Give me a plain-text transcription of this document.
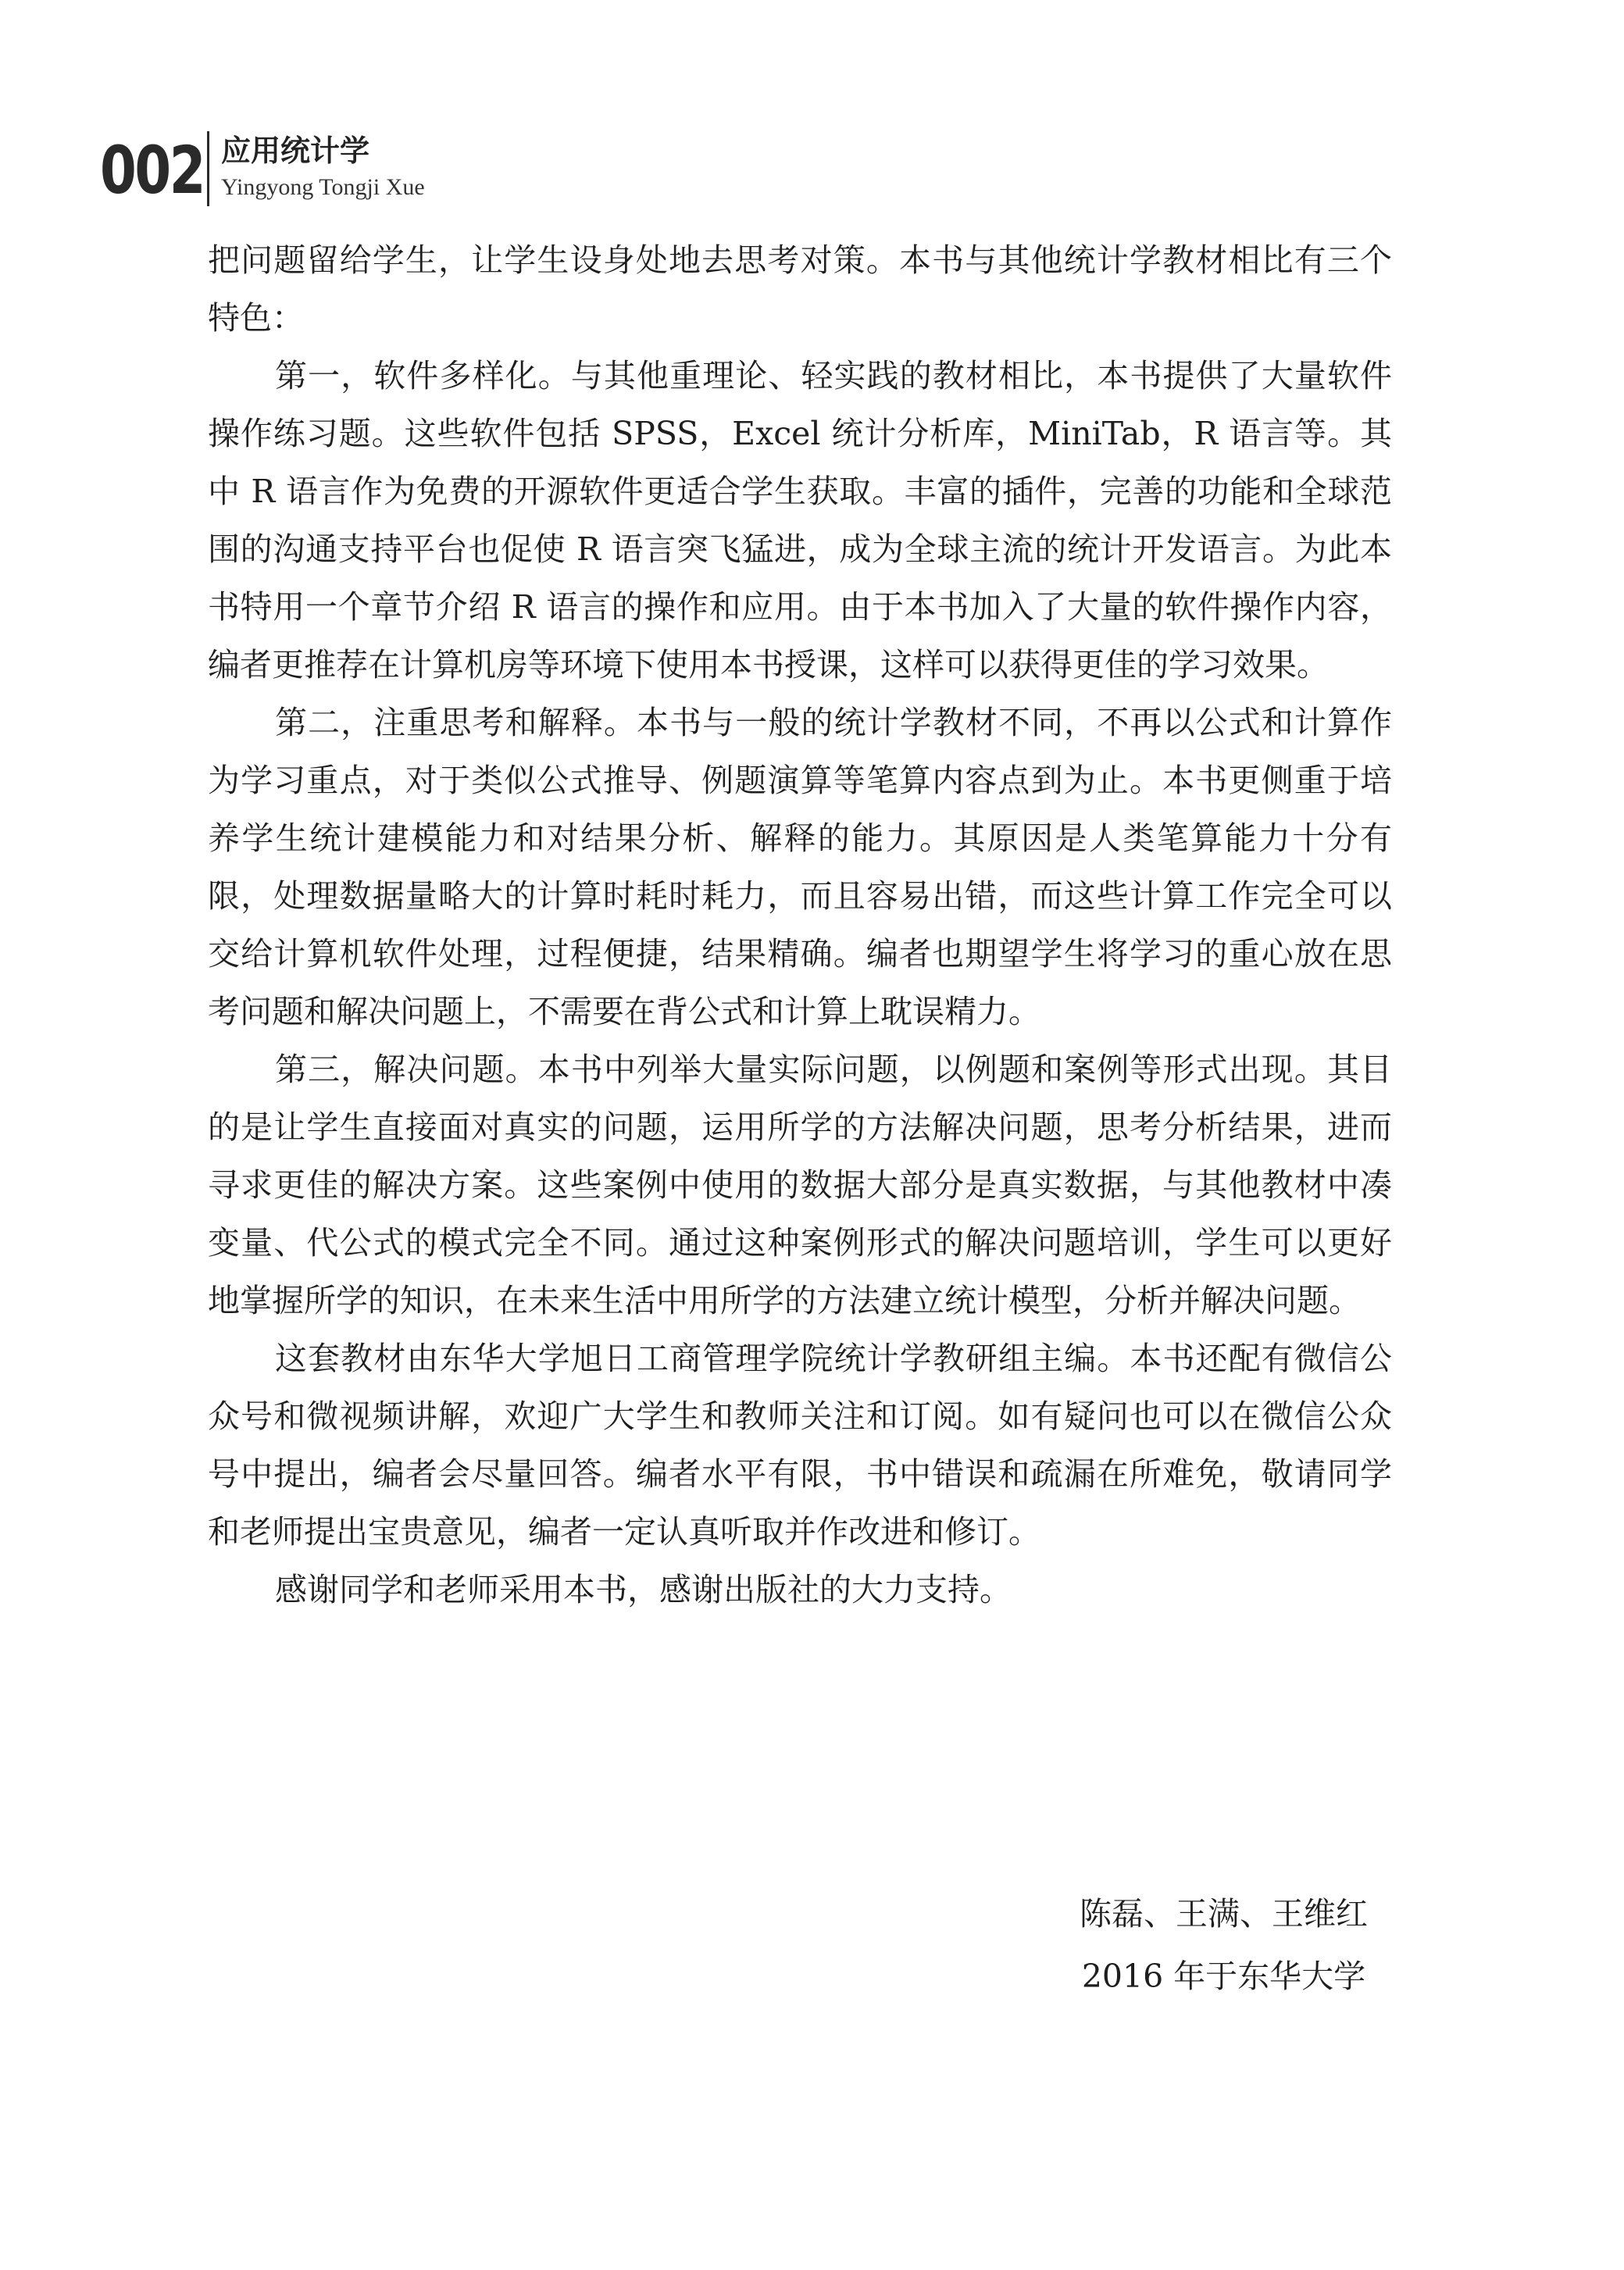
002 应用统计学
Yingyong Tongji Xue

把问题留给学生，让学生设身处地去思考对策。本书与其他统计学教材相比有三个特色：

第一，软件多样化。与其他重理论、轻实践的教材相比，本书提供了大量软件操作练习题。这些软件包括 SPSS，Excel 统计分析库，MiniTab，R 语言等。其中 R 语言作为免费的开源软件更适合学生获取。丰富的插件，完善的功能和全球范围的沟通支持平台也促使 R 语言突飞猛进，成为全球主流的统计开发语言。为此本书特用一个章节介绍 R 语言的操作和应用。由于本书加入了大量的软件操作内容，编者更推荐在计算机房等环境下使用本书授课，这样可以获得更佳的学习效果。

第二，注重思考和解释。本书与一般的统计学教材不同，不再以公式和计算作为学习重点，对于类似公式推导、例题演算等笔算内容点到为止。本书更侧重于培养学生统计建模能力和对结果分析、解释的能力。其原因是人类笔算能力十分有限，处理数据量略大的计算时耗时耗力，而且容易出错，而这些计算工作完全可以交给计算机软件处理，过程便捷，结果精确。编者也期望学生将学习的重心放在思考问题和解决问题上，不需要在背公式和计算上耽误精力。

第三，解决问题。本书中列举大量实际问题，以例题和案例等形式出现。其目的是让学生直接面对真实的问题，运用所学的方法解决问题，思考分析结果，进而寻求更佳的解决方案。这些案例中使用的数据大部分是真实数据，与其他教材中凑变量、代公式的模式完全不同。通过这种案例形式的解决问题培训，学生可以更好地掌握所学的知识，在未来生活中用所学的方法建立统计模型，分析并解决问题。

这套教材由东华大学旭日工商管理学院统计学教研组主编。本书还配有微信公众号和微视频讲解，欢迎广大学生和教师关注和订阅。如有疑问也可以在微信公众号中提出，编者会尽量回答。编者水平有限，书中错误和疏漏在所难免，敬请同学和老师提出宝贵意见，编者一定认真听取并作改进和修订。

感谢同学和老师采用本书，感谢出版社的大力支持。

陈磊、王满、王维红
2016 年于东华大学
